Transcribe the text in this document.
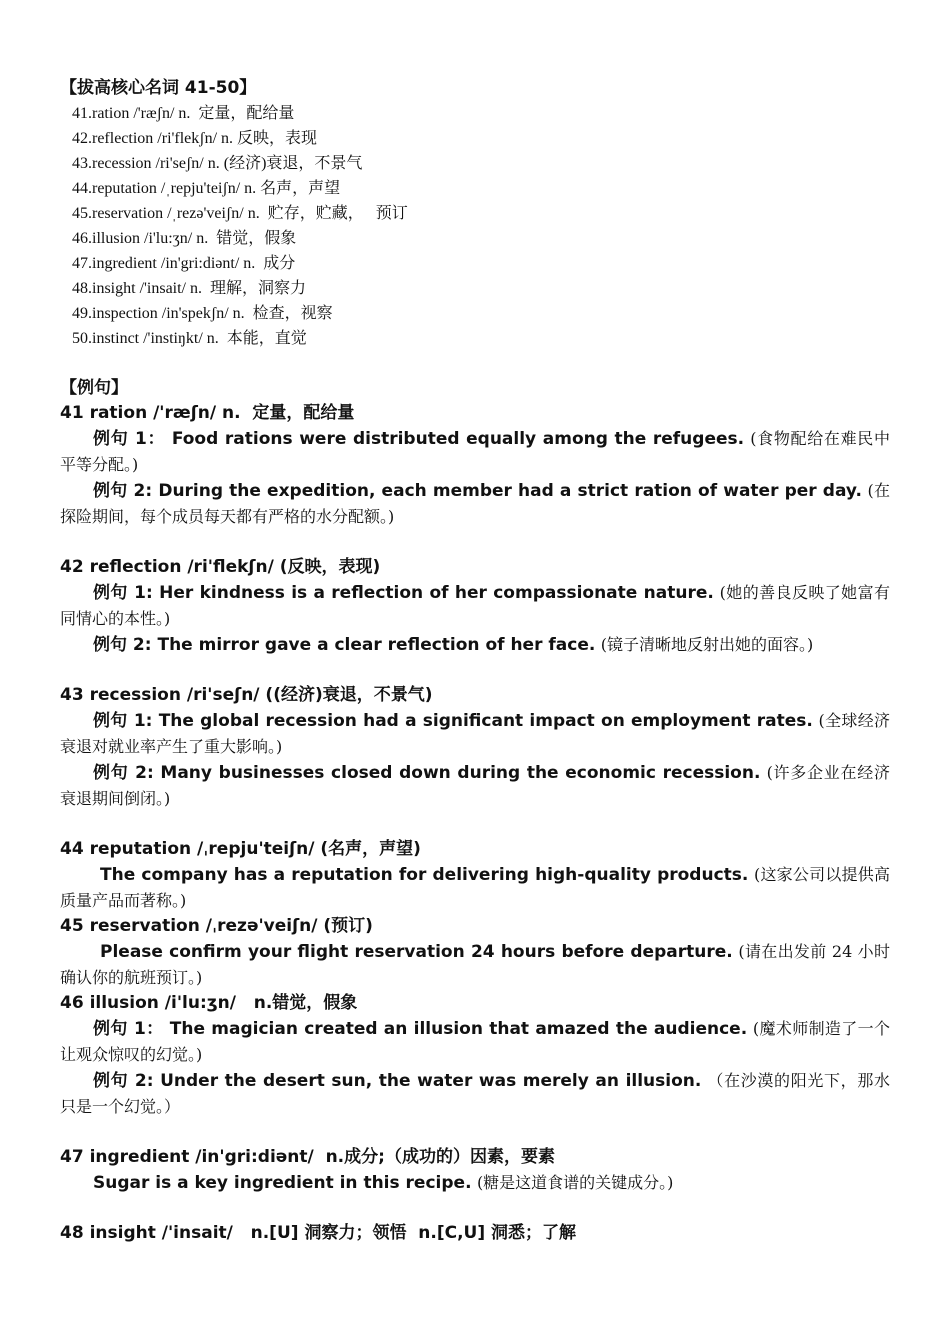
【拔高核心名词 41-50】
41.ration /'ræʃn/ n.  定量，配给量
42.reflection /ri'flekʃn/ n. 反映，表现
43.recession /ri'seʃn/ n. (经济)衰退，不景气
44.reputation /ˌrepju'teiʃn/ n. 名声，声望
45.reservation /ˌrezə'veiʃn/ n.  贮存，贮藏，   预订
46.illusion /i'lu:ʒn/ n.  错觉，假象
47.ingredient /in'gri:diənt/ n.  成分
48.insight /'insait/ n.  理解，洞察力
49.inspection /in'spekʃn/ n.  检查，视察
50.instinct /'instiŋkt/ n.  本能，直觉
【例句】
41 ration /'ræʃn/ n.  定量，配给量
例句 1： Food rations were distributed equally among the refugees. (食物配给在难民中平等分配。)
例句 2: During the expedition, each member had a strict ration of water per day. (在探险期间，每个成员每天都有严格的水分配额。)
42 reflection /ri'flekʃn/ (反映，表现)
例句 1: Her kindness is a reflection of her compassionate nature. (她的善良反映了她富有同情心的本性。)
例句 2: The mirror gave a clear reflection of her face. (镜子清晰地反射出她的面容。)
43 recession /ri'seʃn/ ((经济)衰退，不景气)
例句 1: The global recession had a significant impact on employment rates. (全球经济衰退对就业率产生了重大影响。)
例句 2: Many businesses closed down during the economic recession. (许多企业在经济衰退期间倒闭。)
44 reputation /ˌrepju'teiʃn/ (名声，声望)
The company has a reputation for delivering high-quality products. (这家公司以提供高质量产品而著称。)
45 reservation /ˌrezə'veiʃn/ (预订)
Please confirm your flight reservation 24 hours before departure. (请在出发前 24 小时确认你的航班预订。)
46 illusion /i'lu:ʒn/   n.错觉，假象
例句 1： The magician created an illusion that amazed the audience. (魔术师制造了一个让观众惊叹的幻觉。)
例句 2: Under the desert sun, the water was merely an illusion. （在沙漠的阳光下，那水只是一个幻觉。）
47 ingredient /in'gri:diənt/  n.成分;（成功的）因素，要素
Sugar is a key ingredient in this recipe. (糖是这道食谱的关键成分。)
48 insight /'insait/   n.[U] 洞察力；领悟  n.[C,U] 洞悉；了解
